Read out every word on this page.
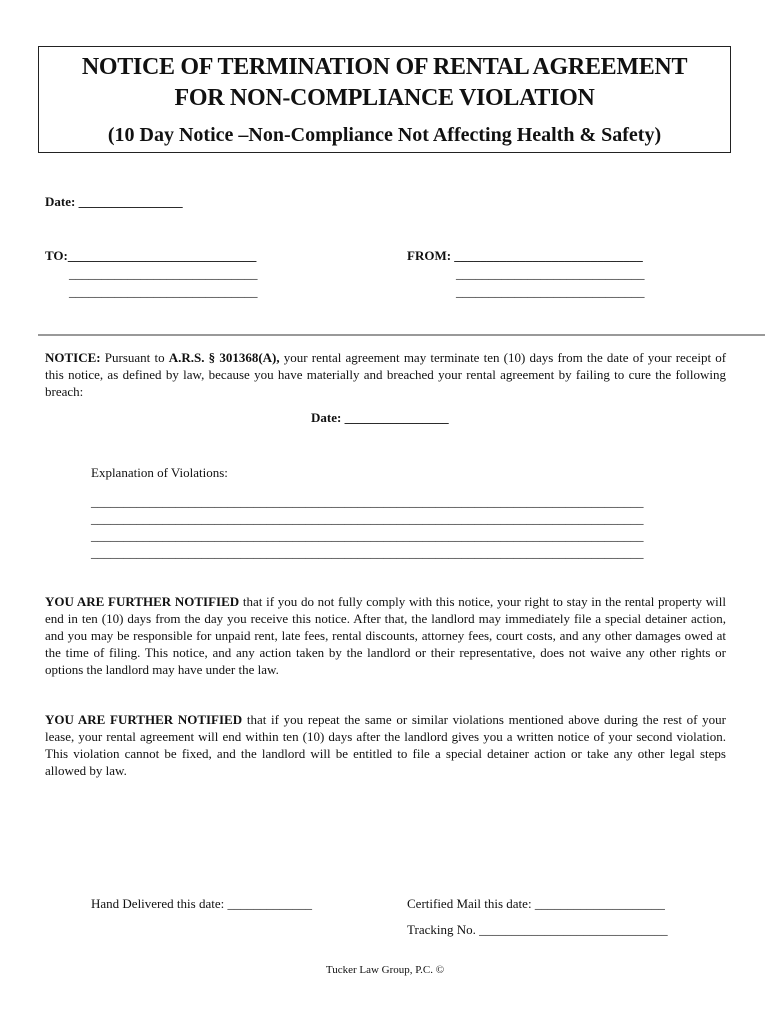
NOTICE OF TERMINATION OF RENTAL AGREEMENT
FOR NON-COMPLIANCE VIOLATION
(10 Day Notice –Non-Compliance Not Affecting Health & Safety)
Date: ________________
TO:_____________________________
_____________________________
_____________________________
FROM: _____________________________
_____________________________
_____________________________
NOTICE: Pursuant to A.R.S. § 301368(A), your rental agreement may terminate ten (10) days from the date of your receipt of this notice, as defined by law, because you have materially and breached your rental agreement by failing to cure the following breach:
Date: ________________
Explanation of Violations:
_____________________________________________________________________________________
_____________________________________________________________________________________
_____________________________________________________________________________________
_____________________________________________________________________________________
YOU ARE FURTHER NOTIFIED that if you do not fully comply with this notice, your right to stay in the rental property will end in ten (10) days from the day you receive this notice. After that, the landlord may immediately file a special detainer action, and you may be responsible for unpaid rent, late fees, rental discounts, attorney fees, court costs, and any other damages owed at the time of filing. This notice, and any action taken by the landlord or their representative, does not waive any other rights or options the landlord may have under the law.
YOU ARE FURTHER NOTIFIED that if you repeat the same or similar violations mentioned above during the rest of your lease, your rental agreement will end within ten (10) days after the landlord gives you a written notice of your second violation. This violation cannot be fixed, and the landlord will be entitled to file a special detainer action or take any other legal steps allowed by law.
Hand Delivered this date: _____________	Certified Mail this date: ____________________
Tracking No. _____________________________
Tucker Law Group, P.C. ©
